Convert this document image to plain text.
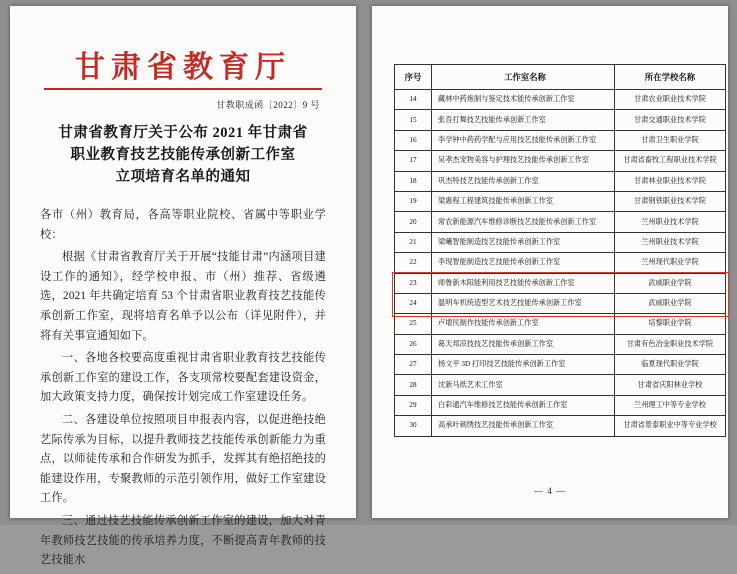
甘肃省教育厅
甘教职成函〔2022〕9 号
甘肃省教育厅关于公布 2021 年甘肃省
职业教育技艺技能传承创新工作室
立项培育名单的通知

各市（州）教育局，各高等职业院校、省属中等职业学校：

根据《甘肃省教育厅关于开展“技能甘肃”内涵项目建设工作的通知》，经学校申报、市（州）推荐、省级遴选，2021 年共确定培育 53 个甘肃省职业教育技艺技能传承创新工作室，现将培育名单予以公布（详见附件），并将有关事宣通知如下。

一、各地各校要高度重视甘肃省职业教育技艺技能传承创新工作室的建设工作，各支项常校要配套建设资金，加大政策支持力度，确保按计划完成工作室建设任务。

二、各建设单位按照项目申报表内容，以促进绝技绝艺际传承为目标，以提升教师技艺技能传承创新能力为重点，以师徒传承和合作研发为抓手，发挥其有绝招绝技的能建设作用，专聚教师的示范引领作用，做好工作室建设工作。

三、通过技艺技能传承创新工作室的建设，加大对青年教师技艺技能的传承培养力度，不断提高青年教师的技艺技能水

序号	工作室名称	所在学校名称
14	藏林中药炮制与鉴定技术能传承创新工作室	甘肃农业职业技术学院
15	张吾打舞技艺技能传承创新工作室	甘肃交通职业技术学院
16	李学钟中药药学配与应用技艺技能传承创新工作室	甘肃卫生职业学院
17	吴孝杰宠物美容与护理技艺技能传承创新工作室	甘肃省畜牧工程职业技术学院
18	巩杰特技艺技能传承创新工作室	甘肃林业职业技术学院
19	梁惠程工程建筑技能传承创新工作室	甘肃钢铁职业技术学院
20	常农新能源汽车维修诊断技艺技能传承创新工作室	兰州职业技术学院
21	梁曦智能制造技艺技能传承创新工作室	兰州职业技术学院
22	李现智能制造技艺技能传承创新工作室	兰州现代职业学院
23	师鲁新木阳能利用技艺技能传承创新工作室	武威职业学院
24	温明车机统造型艺术技艺技能传承创新工作室	武威职业学院
25	卢增民制作技能传承创新工作室	培黎职业学院
26	葛天邦凉技技艺技能传承创新工作室	甘肃有色冶金职业技术学院
27	杨文平 3D 打印技艺技能传承创新工作室	临夏现代职业学院
28	沈新马纸艺术工作室	甘肃省庆阳林业学校
29	白彩通汽车维修技艺技能传承创新工作室	兰州理工中等专业学校
30	高承叶刺绣技艺技能传承创新工作室	甘肃省景泰职业中等专业学校
— 4 —
